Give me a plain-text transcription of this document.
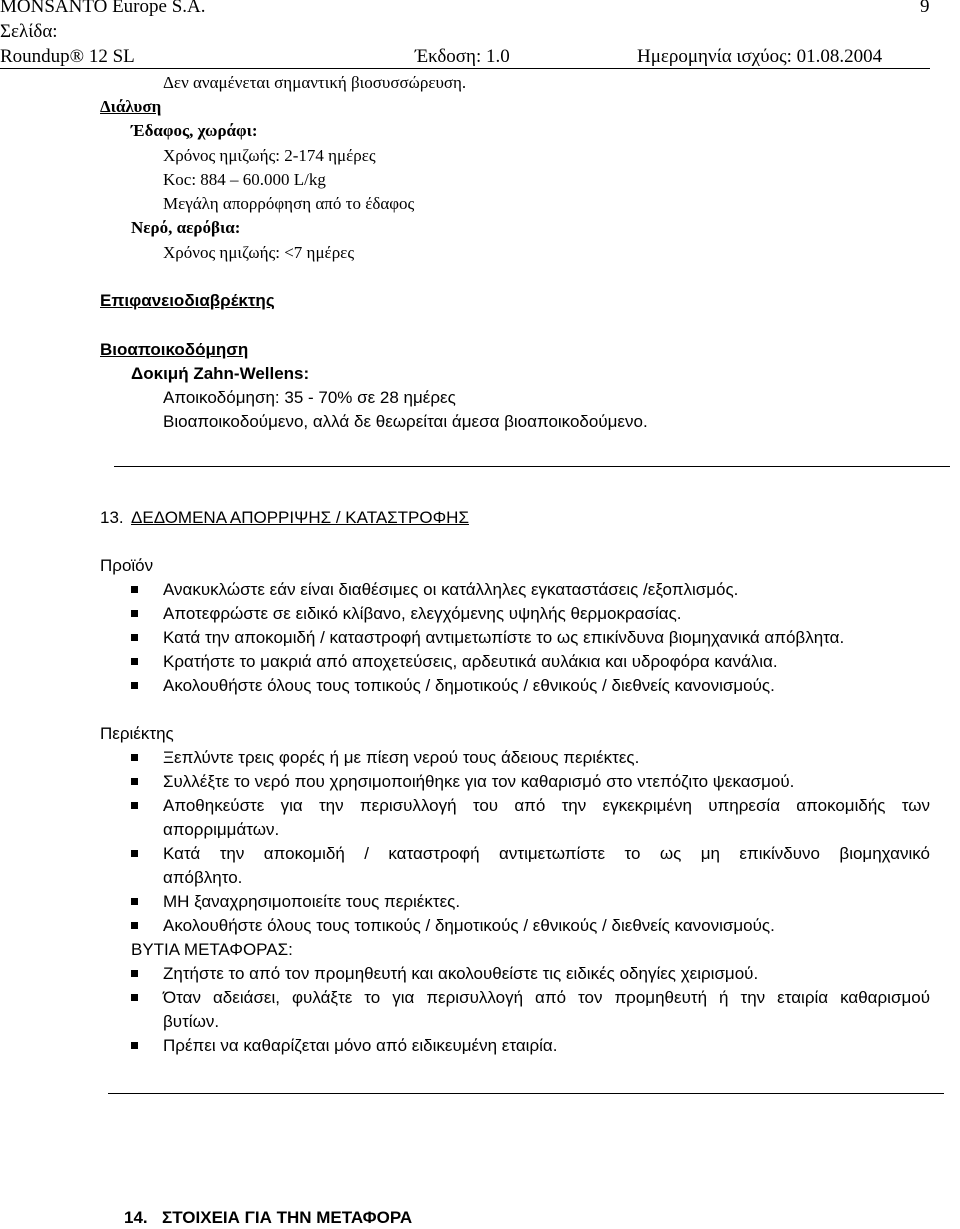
MONSANTO Europe S.A.	9
Σελίδα:
Roundup® 12 SL	Έκδοση: 1.0	Ημερομηνία ισχύος: 01.08.2004
Δεν αναμένεται σημαντική βιοσυσσώρευση.
Διάλυση
Έδαφος, χωράφι:
Χρόνος ημιζωής: 2-174 ημέρες
Koc: 884 – 60.000 L/kg
Μεγάλη απορρόφηση από το έδαφος
Νερό, αερόβια:
Χρόνος ημιζωής: <7 ημέρες
Επιφανειοδιαβρέκτης
Βιοαποικοδόμηση
Δοκιμή Zahn-Wellens:
Αποικοδόμηση: 35 - 70% σε 28 ημέρες
Βιοαποικοδούμενο, αλλά δε θεωρείται άμεσα βιοαποικοδούμενο.
13. ΔΕΔΟΜΕΝΑ ΑΠΟΡΡΙΨΗΣ / ΚΑΤΑΣΤΡΟΦΗΣ
Προϊόν
Ανακυκλώστε εάν είναι διαθέσιμες οι κατάλληλες εγκαταστάσεις /εξοπλισμός.
Αποτεφρώστε σε ειδικό κλίβανο, ελεγχόμενης υψηλής θερμοκρασίας.
Κατά την αποκομιδή / καταστροφή αντιμετωπίστε το ως επικίνδυνα βιομηχανικά απόβλητα.
Κρατήστε το μακριά από αποχετεύσεις, αρδευτικά αυλάκια και υδροφόρα κανάλια.
Ακολουθήστε όλους τους τοπικούς / δημοτικούς / εθνικούς / διεθνείς κανονισμούς.
Περιέκτης
Ξεπλύντε τρεις φορές ή με πίεση νερού τους άδειους περιέκτες.
Συλλέξτε το νερό που χρησιμοποιήθηκε για τον καθαρισμό στο ντεπόζιτο ψεκασμού.
Αποθηκεύστε για την περισυλλογή του από την εγκεκριμένη υπηρεσία αποκομιδής των
απορριμμάτων.
Κατά την αποκομιδή / καταστροφή αντιμετωπίστε το ως μη επικίνδυνο βιομηχανικό
απόβλητο.
ΜΗ ξαναχρησιμοποιείτε τους περιέκτες.
Ακολουθήστε όλους τους τοπικούς / δημοτικούς / εθνικούς / διεθνείς κανονισμούς.
ΒΥΤΙΑ ΜΕΤΑΦΟΡΑΣ:
Ζητήστε το από τον προμηθευτή και ακολουθείστε τις ειδικές οδηγίες χειρισμού.
Όταν αδειάσει, φυλάξτε το για περισυλλογή από τον προμηθευτή ή την εταιρία καθαρισμού
βυτίων.
Πρέπει να καθαρίζεται μόνο από ειδικευμένη εταιρία.
14. ΣΤΟΙΧΕΙΑ ΓΙΑ ΤΗΝ ΜΕΤΑΦΟΡΑ
